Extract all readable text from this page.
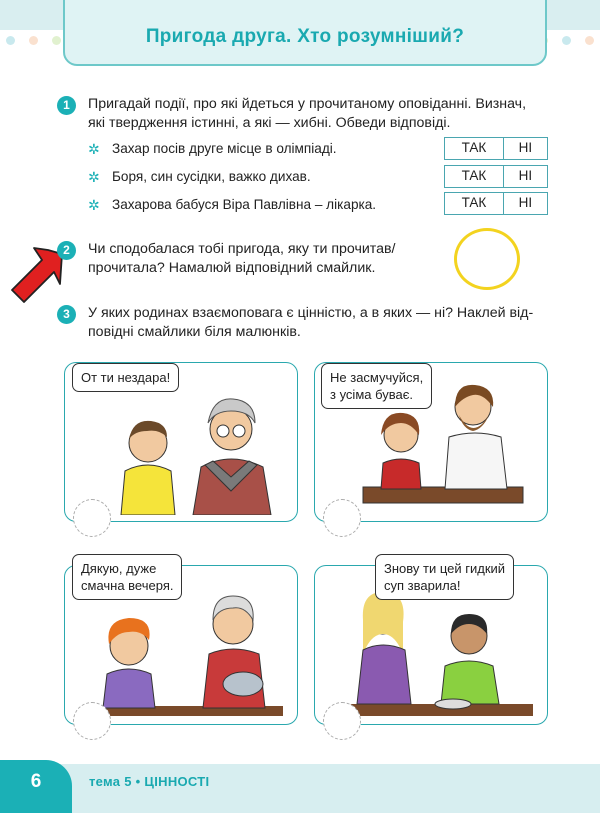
Пригода друга. Хто розумніший?
1	Пригадай події, про які йдеться у прочитаному оповіданні. Визнач,
які твердження істинні, а які — хибні. Обведи відповіді.
✲ Захар посів друге місце в олімпіаді.	ТАК	НІ
✲ Боря, син сусідки, важко дихав.	ТАК	НІ
✲ Захарова бабуся Віра Павлівна – лікарка.	ТАК	НІ
2	Чи сподобалася тобі пригода, яку ти прочитав/
прочитала? Намалюй відповідний смайлик.
3	У яких родинах взаємоповага є цінністю, а в яких — ні? Наклей від-
повідні смайлики біля малюнків.
От ти нездара!	Не засмучуйся,
з усіма буває.
Дякую, дуже
смачна вечеря.
Знову ти цей гидкий
суп зварила!
6	тема 5 • ЦІННОСТІ
